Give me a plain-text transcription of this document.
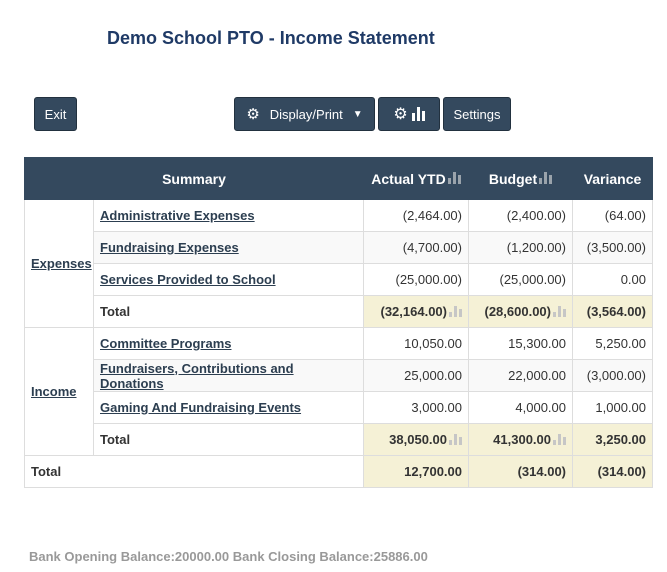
Demo School PTO - Income Statement
Exit	⚙ Display/Print ▼ ⚙	Settings
Summary		Actual YTD	Budget	Variance
Expenses	Administrative Expenses	(2,464.00)	(2,400.00)	(64.00)
	Fundraising Expenses	(4,700.00)	(1,200.00)	(3,500.00)
	Services Provided to School	(25,000.00)	(25,000.00)	0.00
	Total	(32,164.00)	(28,600.00)	(3,564.00)
Income	Committee Programs	10,050.00	15,300.00	5,250.00
	Fundraisers, Contributions and Donations	25,000.00	22,000.00	(3,000.00)
	Gaming And Fundraising Events	3,000.00	4,000.00	1,000.00
	Total	38,050.00	41,300.00	3,250.00
Total		12,700.00	(314.00)	(314.00)
Bank Opening Balance:20000.00 Bank Closing Balance:25886.00
